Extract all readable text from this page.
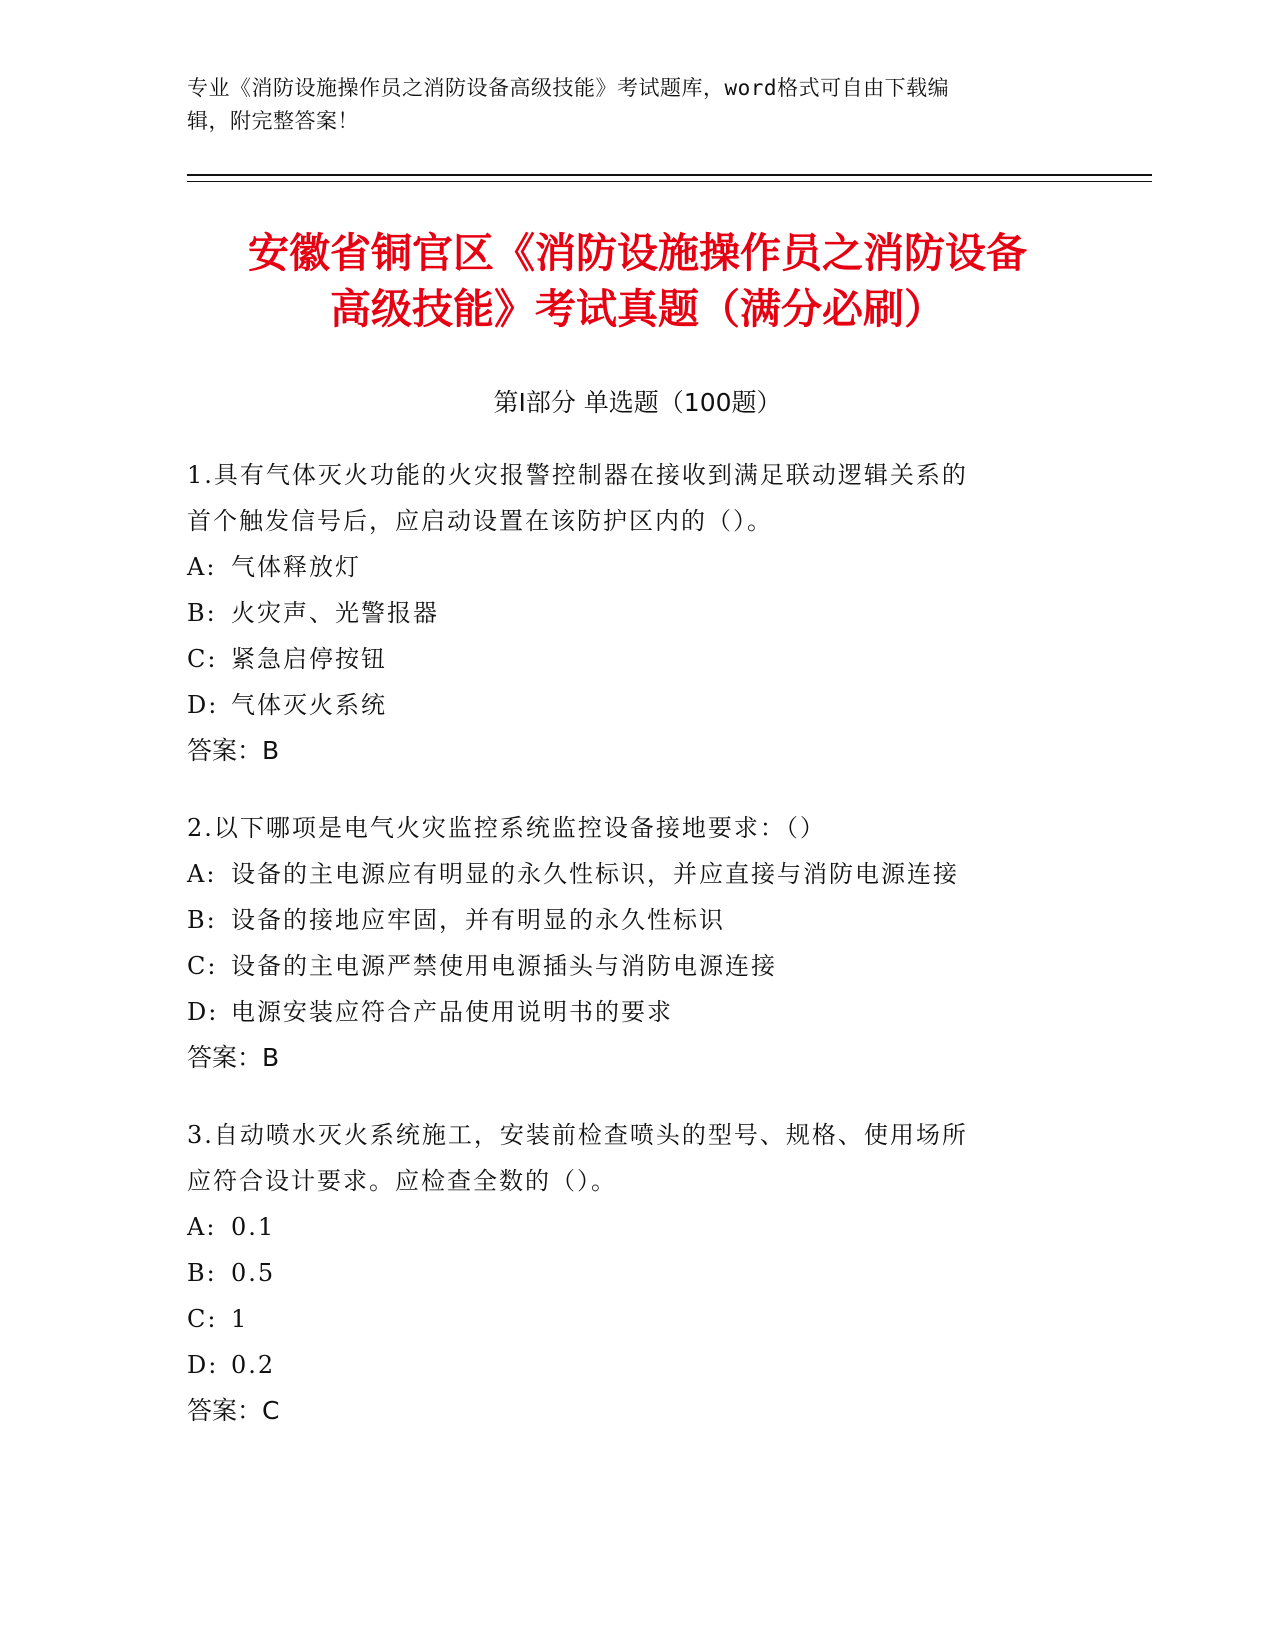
专业《消防设施操作员之消防设备高级技能》考试题库，word格式可自由下载编
辑，附完整答案！
安徽省铜官区《消防设施操作员之消防设备
高级技能》考试真题（满分必刷）
第Ⅰ部分 单选题（100题）
1.具有气体灭火功能的火灾报警控制器在接收到满足联动逻辑关系的
首个触发信号后，应启动设置在该防护区内的（）。
A: 气体释放灯
B: 火灾声、光警报器
C: 紧急启停按钮
D: 气体灭火系统
答案：B
2.以下哪项是电气火灾监控系统监控设备接地要求：（）
A: 设备的主电源应有明显的永久性标识，并应直接与消防电源连接
B: 设备的接地应牢固，并有明显的永久性标识
C: 设备的主电源严禁使用电源插头与消防电源连接
D: 电源安装应符合产品使用说明书的要求
答案：B
3.自动喷水灭火系统施工，安装前检查喷头的型号、规格、使用场所
应符合设计要求。应检查全数的（）。
A: 0.1
B: 0.5
C: 1
D: 0.2
答案：C
